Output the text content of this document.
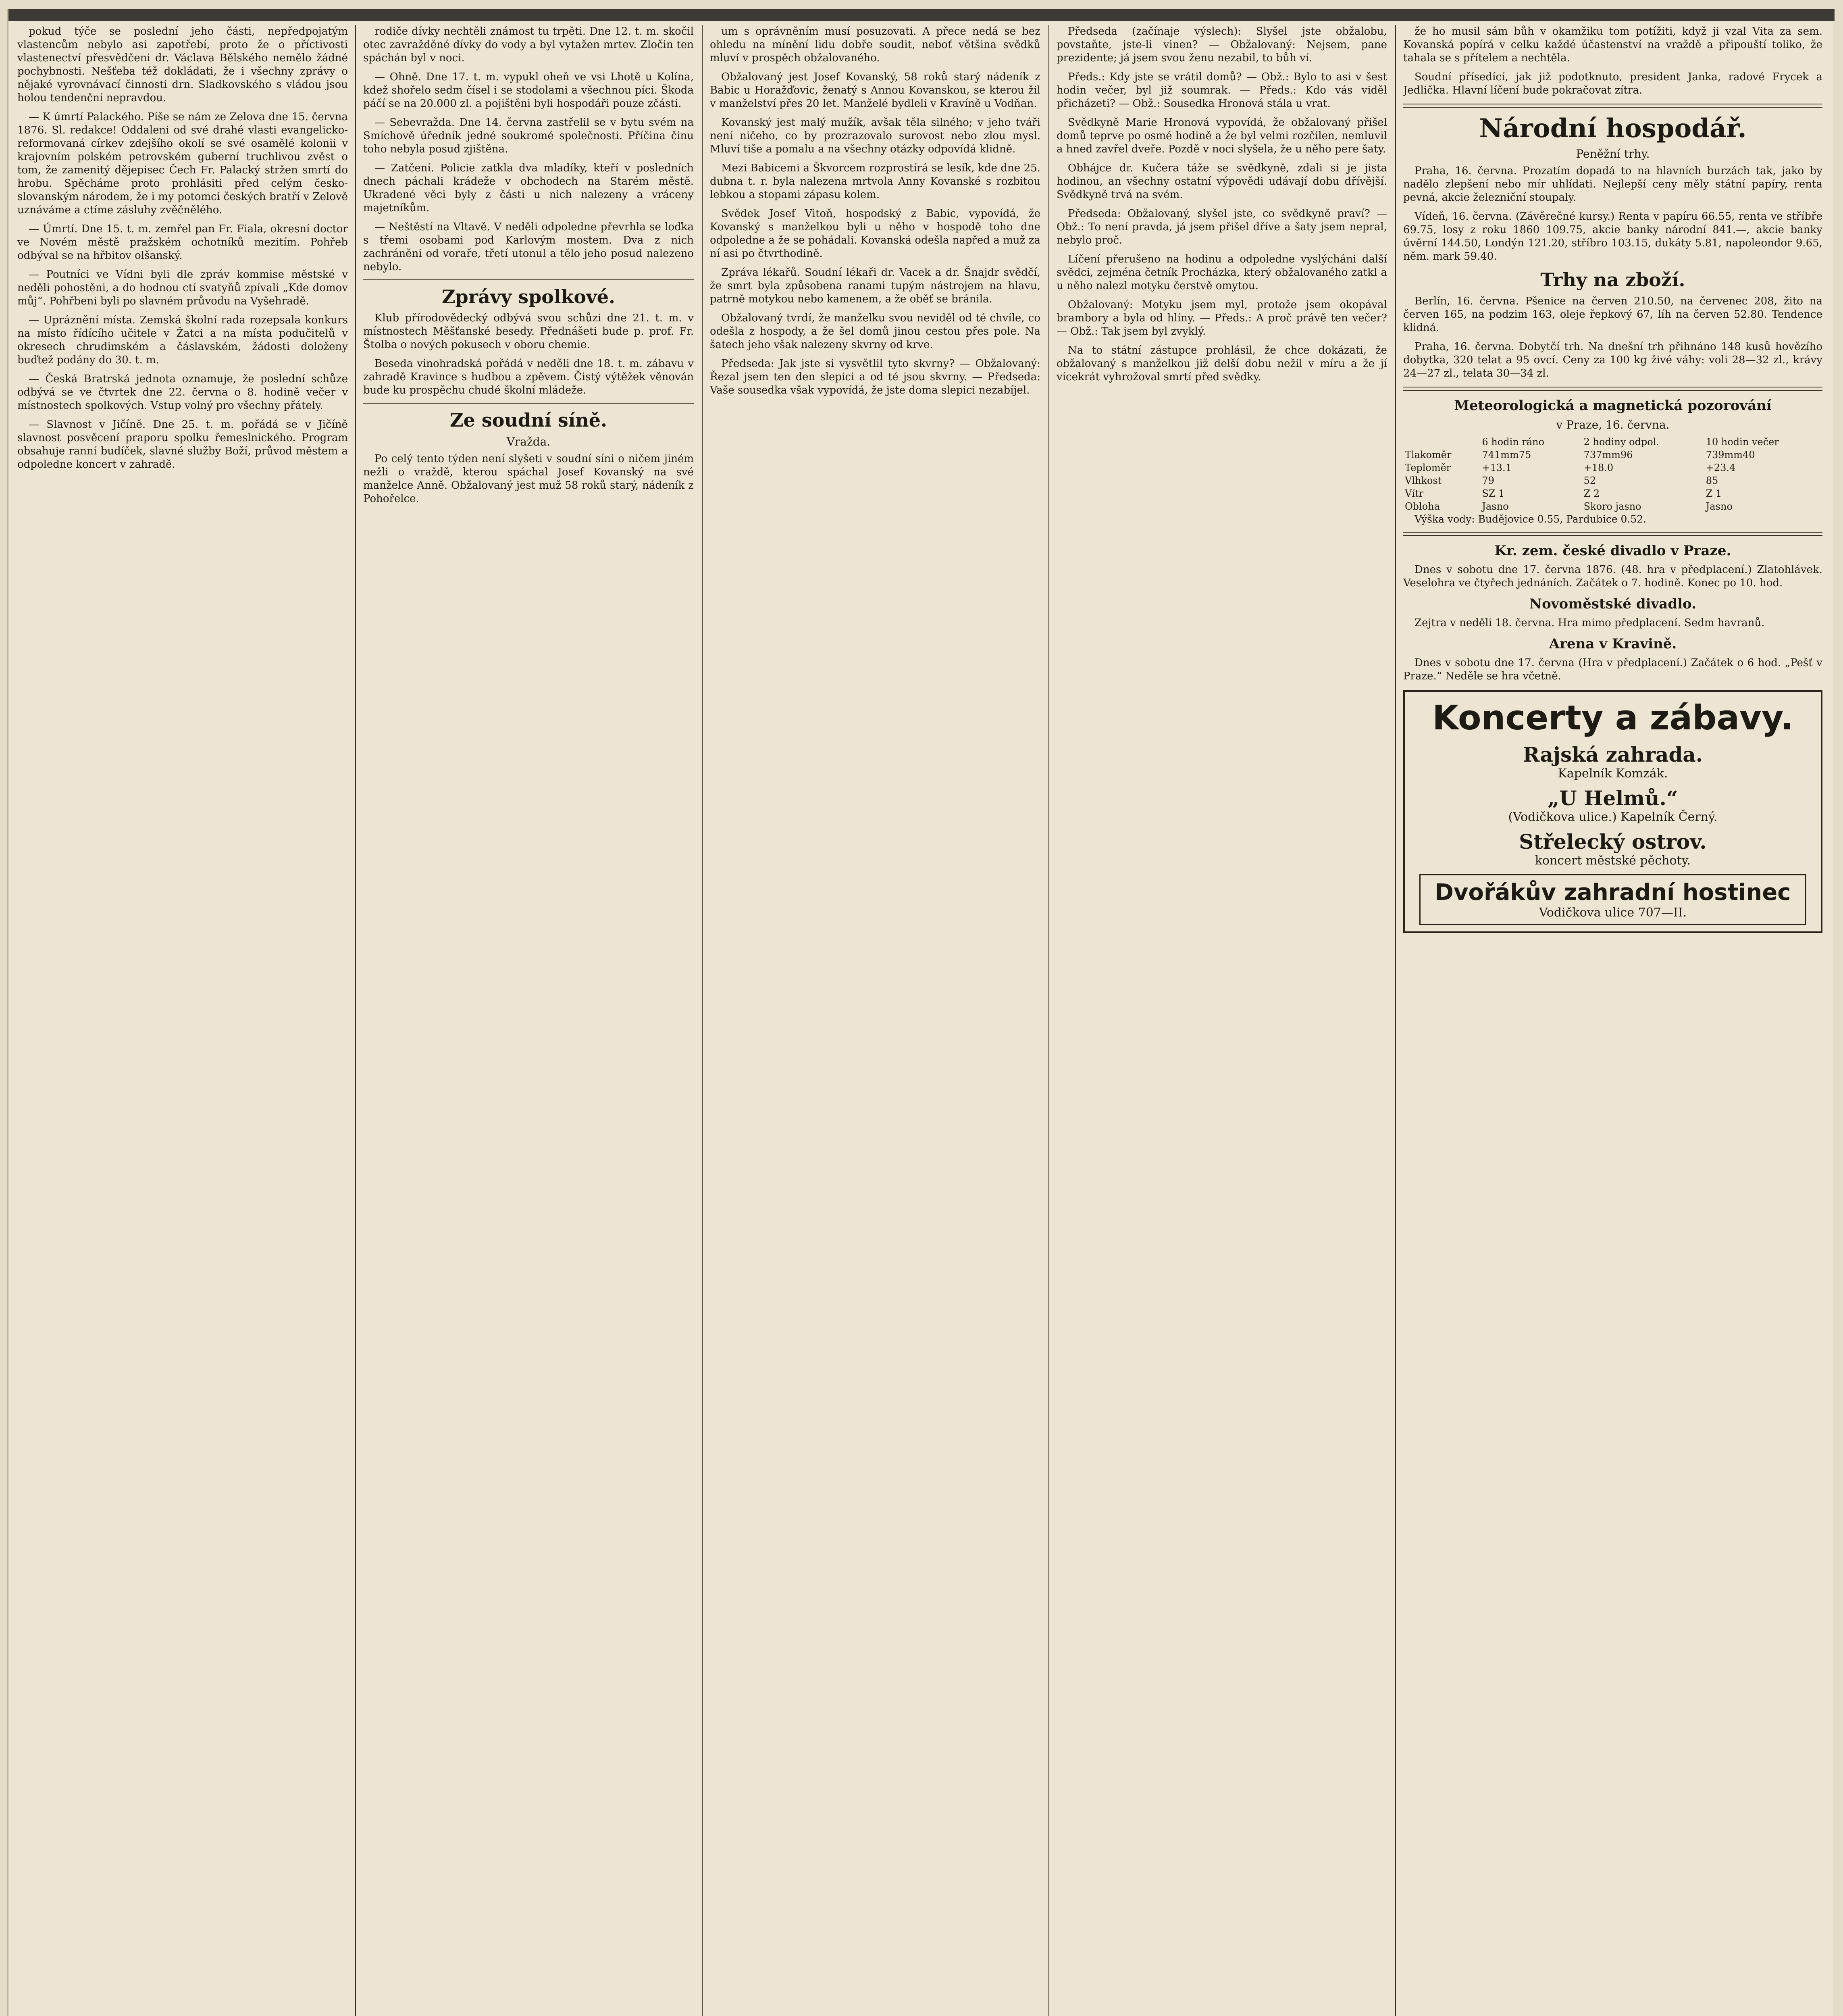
pokud týče se poslední jeho části, nepředpojatým vlastencům nebylo asi zapotřebí, proto že o příctivosti vlastenectví přesvědčeni dr. Václava Bělského nemělo žádné pochybnosti. Nešťeba též dokládati, že i všechny zprávy o nějaké vyrovnávací činnosti drn. Sladkovského s vládou jsou holou tendenční nepravdou.

— K úmrtí Palackého. Píše se nám ze Zelova dne 15. června 1876. Sl. redakce! Oddaleni od své drahé vlasti evangelicko-reformovaná církev zdejšího okolí se své osamělé kolonii v krajovním polském petrovském guberní truchlivou zvěst o tom, že zamenitý dějepisec Čech Fr. Palacký stržen smrtí do hrobu. Spěcháme proto prohlásiti před celým česko-slovanským národem, že i my potomci českých bratří v Zelově uznáváme a ctíme zásluhy zvěčnělého.

— Úmrtí. Dne 15. t. m. zemřel pan Fr. Fiala, okresní doctor ve Novém městě pražském ochotníků mezitím. Pohřeb odbýval se na hřbitov olšanský.

— Poutníci ve Vídni byli dle zpráv kommise městské v neděli pohostěni, a do hodnou ctí svatyňů zpívali „Kde domov můj“. Pohřbeni byli po slavném průvodu na Vyšehradě.

— Upráznění místa. Zemská školní rada rozepsala konkurs na místo řídícího učitele v Žatci a na místa podučitelů v okresech chrudimském a čáslavském, žádosti doloženy buďtež podány do 30. t. m.

— Česká Bratrská jednota oznamuje, že poslední schůze odbývá se ve čtvrtek dne 22. června o 8. hodině večer v místnostech spolkových. Vstup volný pro všechny přátely.

— Slavnost v Jičíně. Dne 25. t. m. pořádá se v Jičíně slavnost posvěcení praporu spolku řemeslnického. Program obsahuje ranní budíček, slavné služby Boží, průvod městem a odpoledne koncert v zahradě.

rodiče dívky nechtěli známost tu trpěti. Dne 12. t. m. skočil otec zavražděné dívky do vody a byl vytažen mrtev. Zločin ten spáchán byl v noci.

— Ohně. Dne 17. t. m. vypukl oheň ve vsi Lhotě u Kolína, kdež shořelo sedm čísel i se stodolami a všechnou píci. Škoda páčí se na 20.000 zl. a pojištěni byli hospodáři pouze zčásti.

— Sebevražda. Dne 14. června zastřelil se v bytu svém na Smíchově úředník jedné soukromé společnosti. Příčina činu toho nebyla posud zjištěna.

— Zatčení. Policie zatkla dva mladíky, kteří v posledních dnech páchali krádeže v obchodech na Starém městě. Ukradené věci byly z části u nich nalezeny a vráceny majetníkům.

— Neštěstí na Vltavě. V neděli odpoledne převrhla se loďka s třemi osobami pod Karlovým mostem. Dva z nich zachráněni od voraře, třetí utonul a tělo jeho posud nalezeno nebylo.

Zprávy spolkové.

Klub přírodovědecký odbývá svou schůzi dne 21. t. m. v místnostech Měšťanské besedy. Přednášeti bude p. prof. Fr. Štolba o nových pokusech v oboru chemie.

Beseda vinohradská pořádá v neděli dne 18. t. m. zábavu v zahradě Kravince s hudbou a zpěvem. Čistý výtěžek věnován bude ku prospěchu chudé školní mládeže.

Ze soudní síně.
Vražda.

Po celý tento týden není slyšeti v soudní síni o ničem jiném nežli o vraždě, kterou spáchal Josef Kovanský na své manželce Anně. Obžalovaný jest muž 58 roků starý, nádeník z Pohořelce.

um s oprávněním musí posuzovati. A přece nedá se bez ohledu na mínění lidu dobře soudit, neboť většina svědků mluví v prospěch obžalovaného.

Obžalovaný jest Josef Kovanský, 58 roků starý nádeník z Babic u Horažďovic, ženatý s Annou Kovanskou, se kterou žil v manželství přes 20 let. Manželé bydleli v Kravíně u Vodňan.

Kovanský jest malý mužík, avšak těla silného; v jeho tváři není ničeho, co by prozrazovalo surovost nebo zlou mysl. Mluví tiše a pomalu a na všechny otázky odpovídá klidně.

Mezi Babicemi a Škvorcem rozprostírá se lesík, kde dne 25. dubna t. r. byla nalezena mrtvola Anny Kovanské s rozbitou lebkou a stopami zápasu kolem.

Svědek Josef Vitoň, hospodský z Babic, vypovídá, že Kovanský s manželkou byli u něho v hospodě toho dne odpoledne a že se pohádali. Kovanská odešla napřed a muž za ní asi po čtvrthodině.

Zpráva lékařů. Soudní lékaři dr. Vacek a dr. Šnajdr svědčí, že smrt byla způsobena ranami tupým nástrojem na hlavu, patrně motykou nebo kamenem, a že oběť se bránila.

Obžalovaný tvrdí, že manželku svou neviděl od té chvíle, co odešla z hospody, a že šel domů jinou cestou přes pole. Na šatech jeho však nalezeny skvrny od krve.

Předseda: Jak jste si vysvětlil tyto skvrny? — Obžalovaný: Řezal jsem ten den slepici a od té jsou skvrny. — Předseda: Vaše sousedka však vypovídá, že jste doma slepici nezabíjel.

Předseda (začínaje výslech): Slyšel jste obžalobu, povstaňte, jste-li vinen? — Obžalovaný: Nejsem, pane prezidente; já jsem svou ženu nezabil, to bůh ví.

Předs.: Kdy jste se vrátil domů? — Obž.: Bylo to asi v šest hodin večer, byl již soumrak. — Předs.: Kdo vás viděl přicházeti? — Obž.: Sousedka Hronová stála u vrat.

Svědkyně Marie Hronová vypovídá, že obžalovaný přišel domů teprve po osmé hodině a že byl velmi rozčilen, nemluvil a hned zavřel dveře. Pozdě v noci slyšela, že u něho pere šaty.

Obhájce dr. Kučera táže se svědkyně, zdali si je jista hodinou, an všechny ostatní výpovědi udávají dobu dřívější. Svědkyně trvá na svém.

Předseda: Obžalovaný, slyšel jste, co svědkyně praví? — Obž.: To není pravda, já jsem přišel dříve a šaty jsem nepral, nebylo proč.

Líčení přerušeno na hodinu a odpoledne vyslýcháni další svědci, zejména četník Procházka, který obžalovaného zatkl a u něho nalezl motyku čerstvě omytou.

Obžalovaný: Motyku jsem myl, protože jsem okopával brambory a byla od hlíny. — Předs.: A proč právě ten večer? — Obž.: Tak jsem byl zvyklý.

Na to státní zástupce prohlásil, že chce dokázati, že obžalovaný s manželkou již delší dobu nežil v míru a že jí vícekrát vyhrožoval smrtí před svědky.

že ho musil sám bůh v okamžiku tom potížiti, když ji vzal Vita za sem. Kovanská popírá v celku každé účastenství na vraždě a připouští toliko, že tahala se s přítelem a nechtěla.

Soudní přísedící, jak již podotknuto, president Janka, radové Frycek a Jedlička. Hlavní líčení bude pokračovat zítra.

Národní hospodář.
Peněžní trhy.

Praha, 16. června. Prozatím dopadá to na hlavních burzách tak, jako by nadělo zlepšení nebo mír uhlídati. Nejlepší ceny měly státní papíry, renta pevná, akcie železniční stoupaly.

Vídeň, 16. června. (Závěrečné kursy.) Renta v papíru 66.55, renta ve stříbře 69.75, losy z roku 1860 109.75, akcie banky národní 841.—, akcie banky úvěrní 144.50, Londýn 121.20, stříbro 103.15, dukáty 5.81, napoleondor 9.65, něm. mark 59.40.

Trhy na zboží.

Berlín, 16. června. Pšenice na červen 210.50, na červenec 208, žito na červen 165, na podzim 163, oleje řepkový 67, líh na červen 52.80. Tendence klidná.

Praha, 16. června. Dobytčí trh. Na dnešní trh přihnáno 148 kusů hovězího dobytka, 320 telat a 95 ovcí. Ceny za 100 kg živé váhy: voli 28—32 zl., krávy 24—27 zl., telata 30—34 zl.

Meteorologická a magnetická pozorování
v Praze, 16. června.
	6 hodin ráno	2 hodiny odpol.	10 hodin večer
Tlakoměr	741mm75	737mm96	739mm40
Teploměr	+13.1	+18.0	+23.4
Vlhkost	79	52	85
Vítr	SZ 1	Z 2	Z 1
Obloha	Jasno	Skoro jasno	Jasno

Výška vody: Budějovice 0.55, Pardubice 0.52.

Kr. zem. české divadlo v Praze.

Dnes v sobotu dne 17. června 1876. (48. hra v předplacení.) Zlatohlávek. Veselohra ve čtyřech jednáních. Začátek o 7. hodině. Konec po 10. hod.

Novoměstské divadlo.

Zejtra v neděli 18. června. Hra mimo předplacení. Sedm havranů.

Arena v Kravině.

Dnes v sobotu dne 17. června (Hra v předplacení.) Začátek o 6 hod. „Pešť v Praze.“ Neděle se hra včetně.

Koncerty a zábavy.
Rajská zahrada.
Kapelník Komzák.
„U Helmů.“
(Vodičkova ulice.) Kapelník Černý.
Střelecký ostrov.
koncert městské pěchoty.
Dvořákův zahradní hostinec
Vodičkova ulice 707—II.
